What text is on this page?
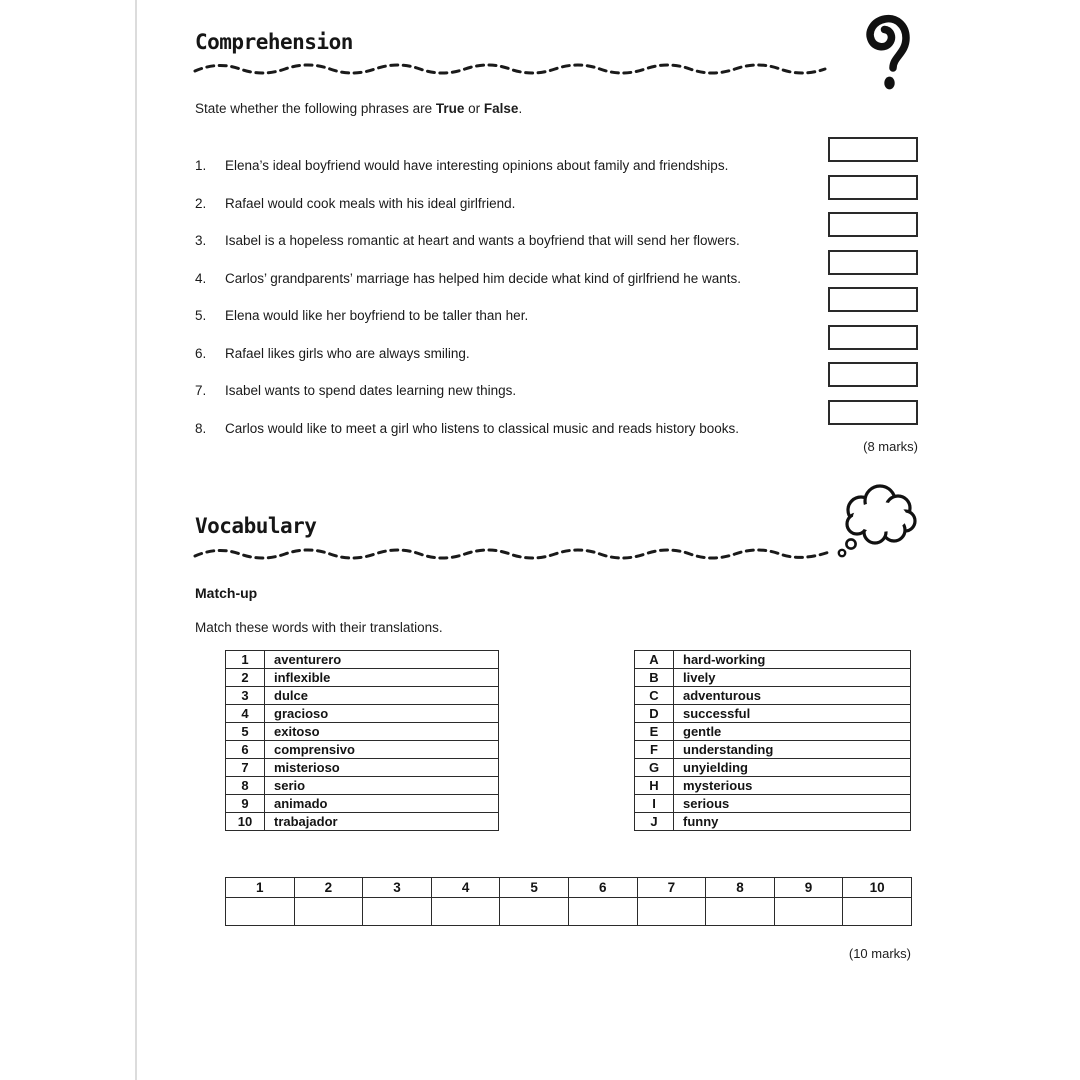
Comprehension
State whether the following phrases are True or False.
1.	Elena’s ideal boyfriend would have interesting opinions about family and friendships.
2.	Rafael would cook meals with his ideal girlfriend.
3.	Isabel is a hopeless romantic at heart and wants a boyfriend that will send her flowers.
4.	Carlos’ grandparents’ marriage has helped him decide what kind of girlfriend he wants.
5.	Elena would like her boyfriend to be taller than her.
6.	Rafael likes girls who are always smiling.
7.	Isabel wants to spend dates learning new things.
8.	Carlos would like to meet a girl who listens to classical music and reads history books.
(8 marks)
Vocabulary
Match-up
Match these words with their translations.
1	aventurero
2	inflexible
3	dulce
4	gracioso
5	exitoso
6	comprensivo
7	misterioso
8	serio
9	animado
10	trabajador
A	hard-working
B	lively
C	adventurous
D	successful
E	gentle
F	understanding
G	unyielding
H	mysterious
I	serious
J	funny
1	2	3	4	5	6	7	8	9	10

(10 marks)
